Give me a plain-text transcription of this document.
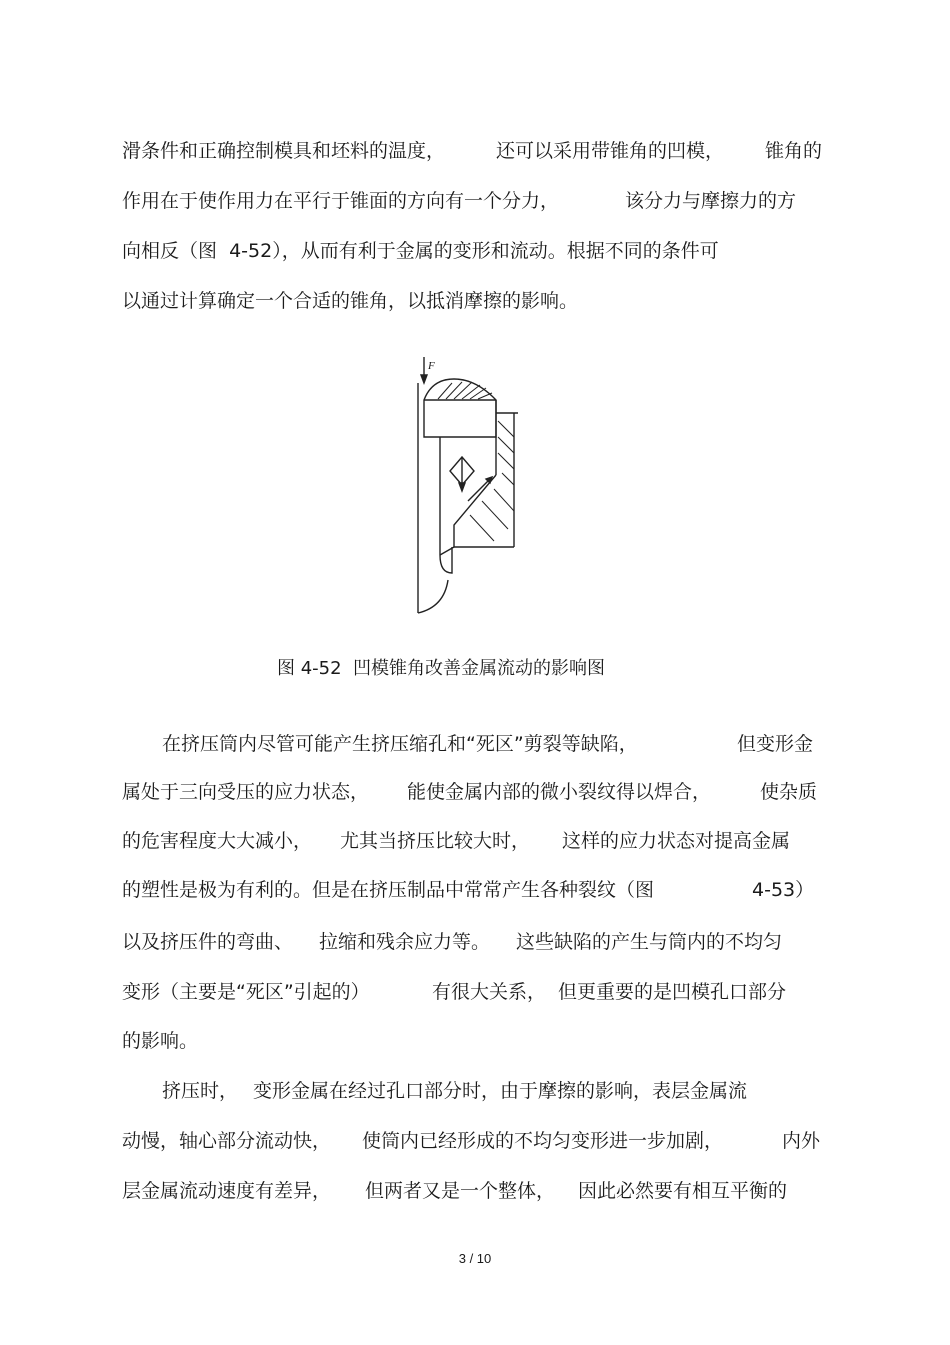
滑条件和正确控制模具和坯料的温度，

	还可以采用带锥角的凹模，

锥角的

作用在于使作用力在平行于锥面的方向有一个分力，

	该分力与摩擦力的方

向相反（图  4-52），从而有利于金属的变形和流动。根据不同的条件可

以通过计算确定一个合适的锥角，以抵消摩擦的影响。

F
图 4-52  凹模锥角改善金属流动的影响图

在挤压筒内尽管可能产生挤压缩孔和“死区”剪裂等缺陷，

	但变形金

属处于三向受压的应力状态，

能使金属内部的微小裂纹得以焊合，

	使杂质

的危害程度大大减小，

尤其当挤压比较大时，

这样的应力状态对提高金属

的塑性是极为有利的。但是在挤压制品中常常产生各种裂纹（图

	4-53）

以及挤压件的弯曲、

拉缩和残余应力等。

这些缺陷的产生与筒内的不均匀

变形（主要是“死区”引起的）

	有很大关系，

但更重要的是凹模孔口部分

的影响。

挤压时，

变形金属在经过孔口部分时，由于摩擦的影响，表层金属流

动慢，轴心部分流动快，

使筒内已经形成的不均匀变形进一步加剧，

	内外

层金属流动速度有差异，

但两者又是一个整体，

因此必然要有相互平衡的

3 / 10
